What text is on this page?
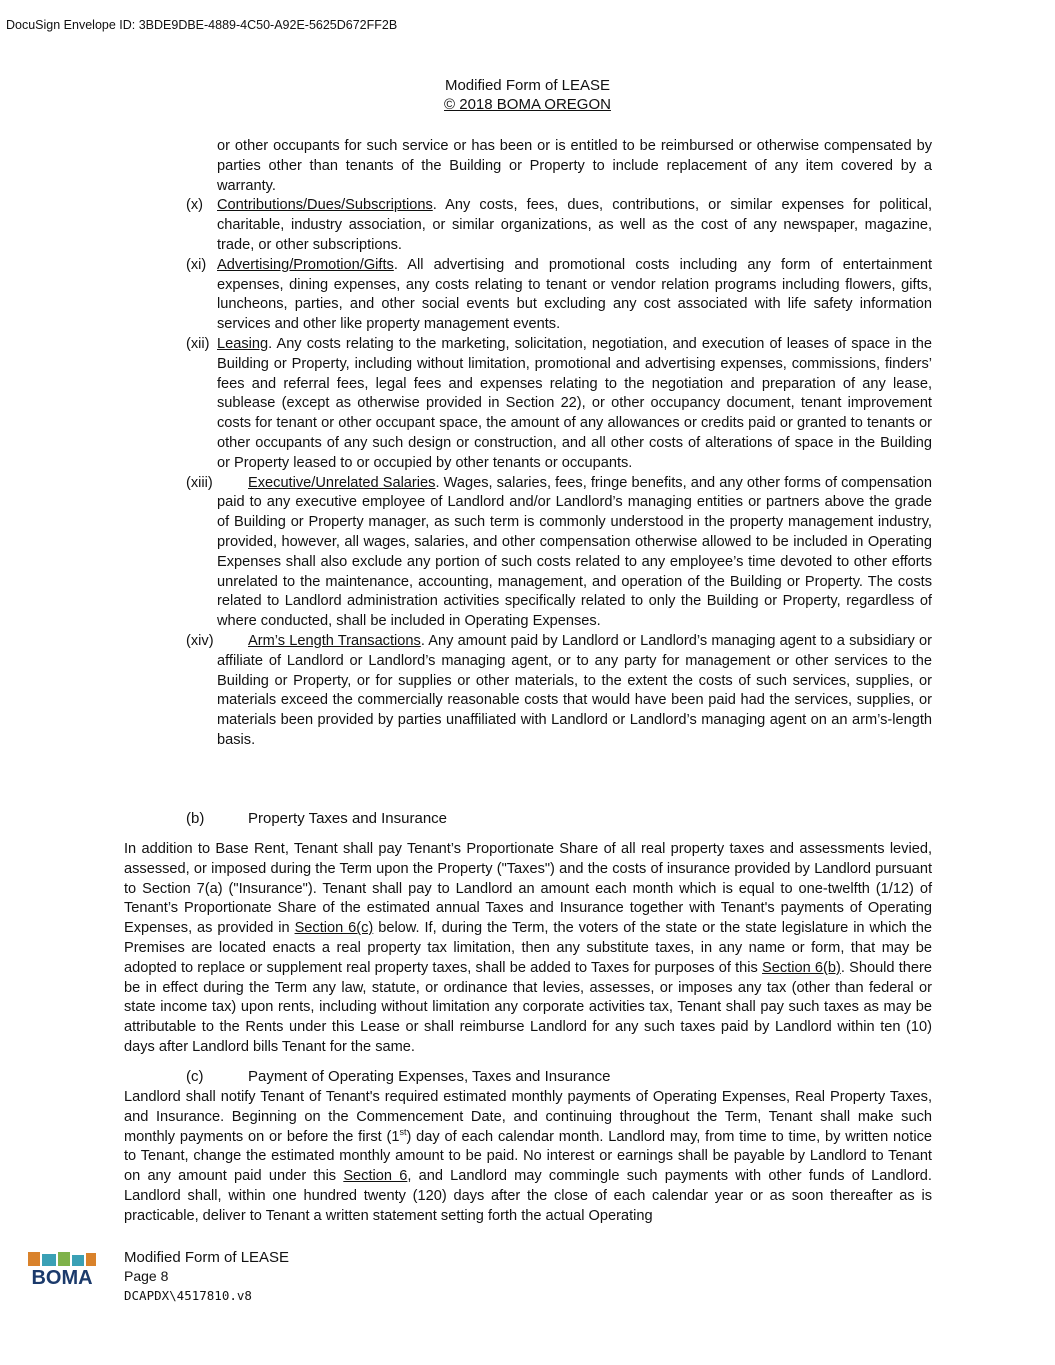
DocuSign Envelope ID: 3BDE9DBE-4889-4C50-A92E-5625D672FF2B
Modified Form of LEASE
© 2018 BOMA OREGON
or other occupants for such service or has been or is entitled to be reimbursed or otherwise compensated by parties other than tenants of the Building or Property to include replacement of any item covered by a warranty.
(x) Contributions/Dues/Subscriptions. Any costs, fees, dues, contributions, or similar expenses for political, charitable, industry association, or similar organizations, as well as the cost of any newspaper, magazine, trade, or other subscriptions.
(xi) Advertising/Promotion/Gifts. All advertising and promotional costs including any form of entertainment expenses, dining expenses, any costs relating to tenant or vendor relation programs including flowers, gifts, luncheons, parties, and other social events but excluding any cost associated with life safety information services and other like property management events.
(xii) Leasing. Any costs relating to the marketing, solicitation, negotiation, and execution of leases of space in the Building or Property, including without limitation, promotional and advertising expenses, commissions, finders’ fees and referral fees, legal fees and expenses relating to the negotiation and preparation of any lease, sublease (except as otherwise provided in Section 22), or other occupancy document, tenant improvement costs for tenant or other occupant space, the amount of any allowances or credits paid or granted to tenants or other occupants of any such design or construction, and all other costs of alterations of space in the Building or Property leased to or occupied by other tenants or occupants.
(xiii) Executive/Unrelated Salaries. Wages, salaries, fees, fringe benefits, and any other forms of compensation paid to any executive employee of Landlord and/or Landlord’s managing entities or partners above the grade of Building or Property manager, as such term is commonly understood in the property management industry, provided, however, all wages, salaries, and other compensation otherwise allowed to be included in Operating Expenses shall also exclude any portion of such costs related to any employee’s time devoted to other efforts unrelated to the maintenance, accounting, management, and operation of the Building or Property. The costs related to Landlord administration activities specifically related to only the Building or Property, regardless of where conducted, shall be included in Operating Expenses.
(xiv) Arm’s Length Transactions. Any amount paid by Landlord or Landlord’s managing agent to a subsidiary or affiliate of Landlord or Landlord’s managing agent, or to any party for management or other services to the Building or Property, or for supplies or other materials, to the extent the costs of such services, supplies, or materials exceed the commercially reasonable costs that would have been paid had the services, supplies, or materials been provided by parties unaffiliated with Landlord or Landlord’s managing agent on an arm’s-length basis.
(b)	Property Taxes and Insurance
In addition to Base Rent, Tenant shall pay Tenant’s Proportionate Share of all real property taxes and assessments levied, assessed, or imposed during the Term upon the Property ("Taxes") and the costs of insurance provided by Landlord pursuant to Section 7(a) ("Insurance"). Tenant shall pay to Landlord an amount each month which is equal to one-twelfth (1/12) of Tenant’s Proportionate Share of the estimated annual Taxes and Insurance together with Tenant's payments of Operating Expenses, as provided in Section 6(c) below. If, during the Term, the voters of the state or the state legislature in which the Premises are located enacts a real property tax limitation, then any substitute taxes, in any name or form, that may be adopted to replace or supplement real property taxes, shall be added to Taxes for purposes of this Section 6(b). Should there be in effect during the Term any law, statute, or ordinance that levies, assesses, or imposes any tax (other than federal or state income tax) upon rents, including without limitation any corporate activities tax, Tenant shall pay such taxes as may be attributable to the Rents under this Lease or shall reimburse Landlord for any such taxes paid by Landlord within ten (10) days after Landlord bills Tenant for the same.
(c)	Payment of Operating Expenses, Taxes and Insurance
Landlord shall notify Tenant of Tenant's required estimated monthly payments of Operating Expenses, Real Property Taxes, and Insurance. Beginning on the Commencement Date, and continuing throughout the Term, Tenant shall make such monthly payments on or before the first (1st) day of each calendar month. Landlord may, from time to time, by written notice to Tenant, change the estimated monthly amount to be paid. No interest or earnings shall be payable by Landlord to Tenant on any amount paid under this Section 6, and Landlord may commingle such payments with other funds of Landlord. Landlord shall, within one hundred twenty (120) days after the close of each calendar year or as soon thereafter as is practicable, deliver to Tenant a written statement setting forth the actual Operating
BOMA
Modified Form of LEASE
Page 8
DCAPDX\4517810.v8
